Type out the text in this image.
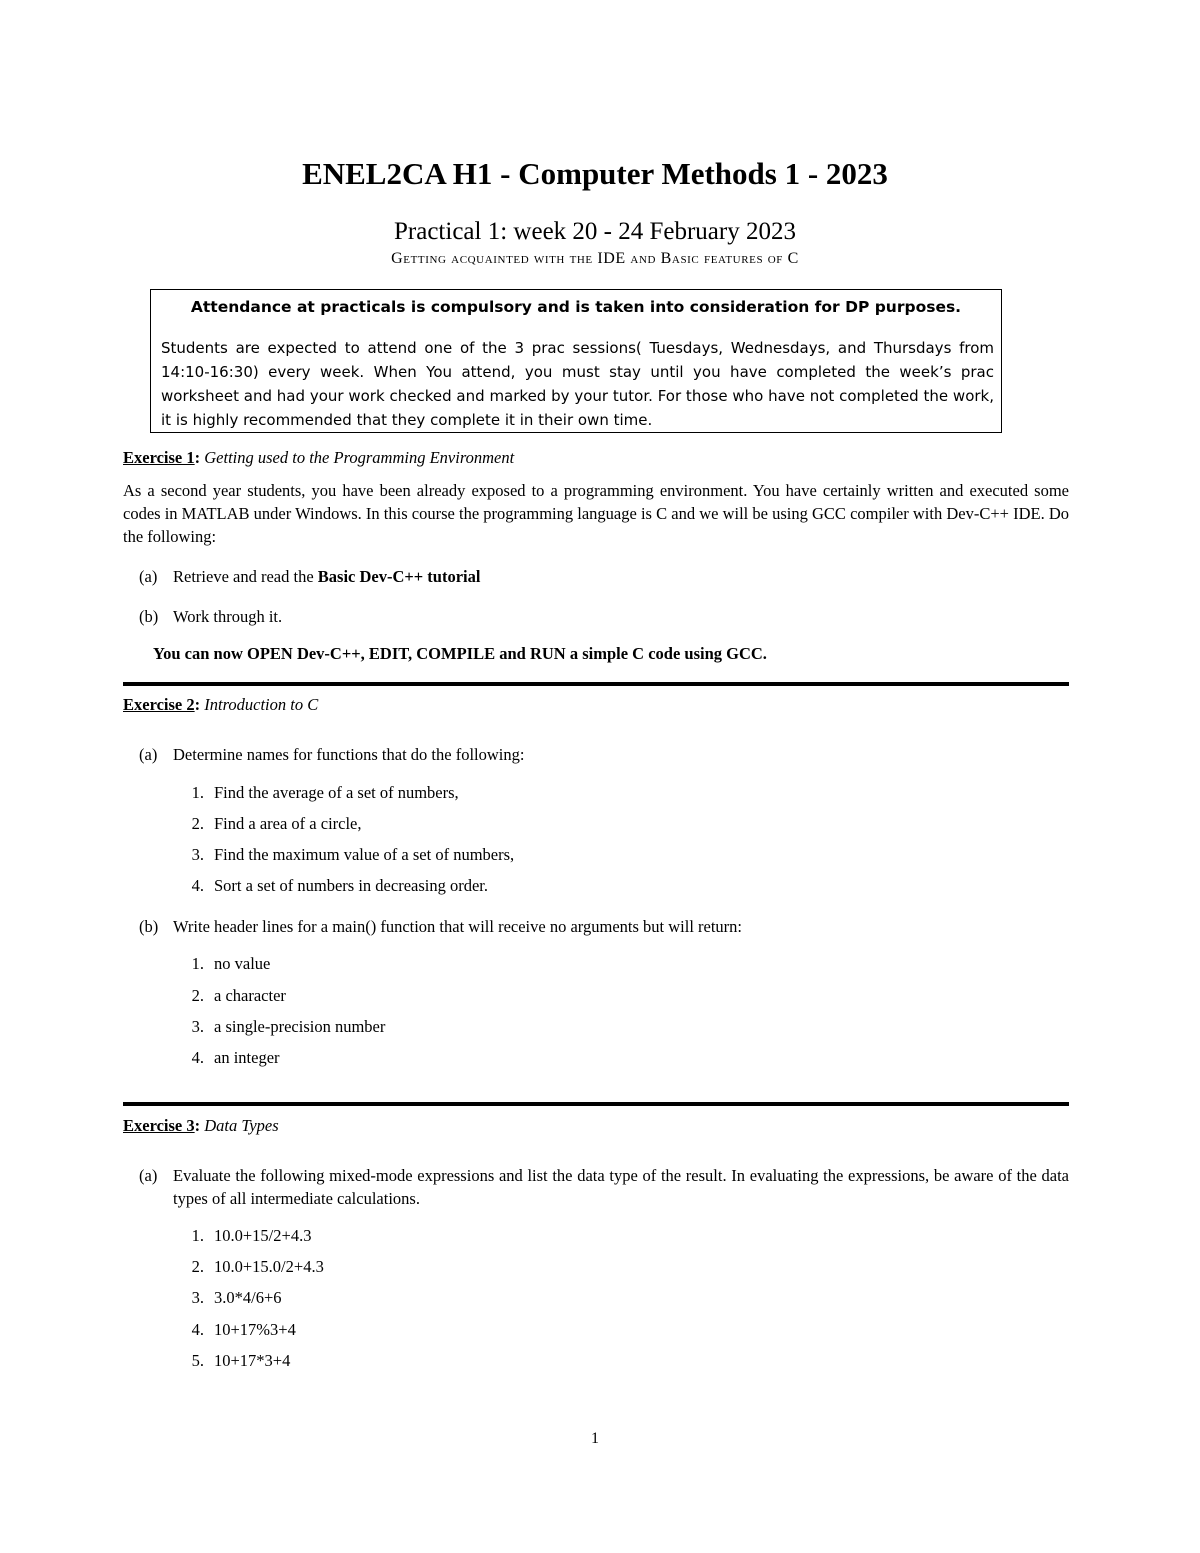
ENEL2CA H1 - Computer Methods 1 - 2023
Practical 1: week 20 - 24 February 2023
Getting acquainted with the IDE and Basic features of C
Attendance at practicals is compulsory and is taken into consideration for DP purposes.
Students are expected to attend one of the 3 prac sessions( Tuesdays, Wednesdays, and Thursdays from 14:10-16:30) every week. When You attend, you must stay until you have completed the week’s prac worksheet and had your work checked and marked by your tutor. For those who have not completed the work, it is highly recommended that they complete it in their own time.
Exercise 1: Getting used to the Programming Environment
As a second year students, you have been already exposed to a programming environment. You have certainly written and executed some codes in MATLAB under Windows. In this course the programming language is C and we will be using GCC compiler with Dev-C++ IDE. Do the following:
(a) Retrieve and read the Basic Dev-C++ tutorial
(b) Work through it.
You can now OPEN Dev-C++, EDIT, COMPILE and RUN a simple C code using GCC.
Exercise 2: Introduction to C
(a) Determine names for functions that do the following:
1. Find the average of a set of numbers,
2. Find a area of a circle,
3. Find the maximum value of a set of numbers,
4. Sort a set of numbers in decreasing order.
(b) Write header lines for a main() function that will receive no arguments but will return:
1. no value
2. a character
3. a single-precision number
4. an integer
Exercise 3: Data Types
(a) Evaluate the following mixed-mode expressions and list the data type of the result. In evaluating the expressions, be aware of the data types of all intermediate calculations.
1. 10.0+15/2+4.3
2. 10.0+15.0/2+4.3
3. 3.0*4/6+6
4. 10+17%3+4
5. 10+17*3+4
1
